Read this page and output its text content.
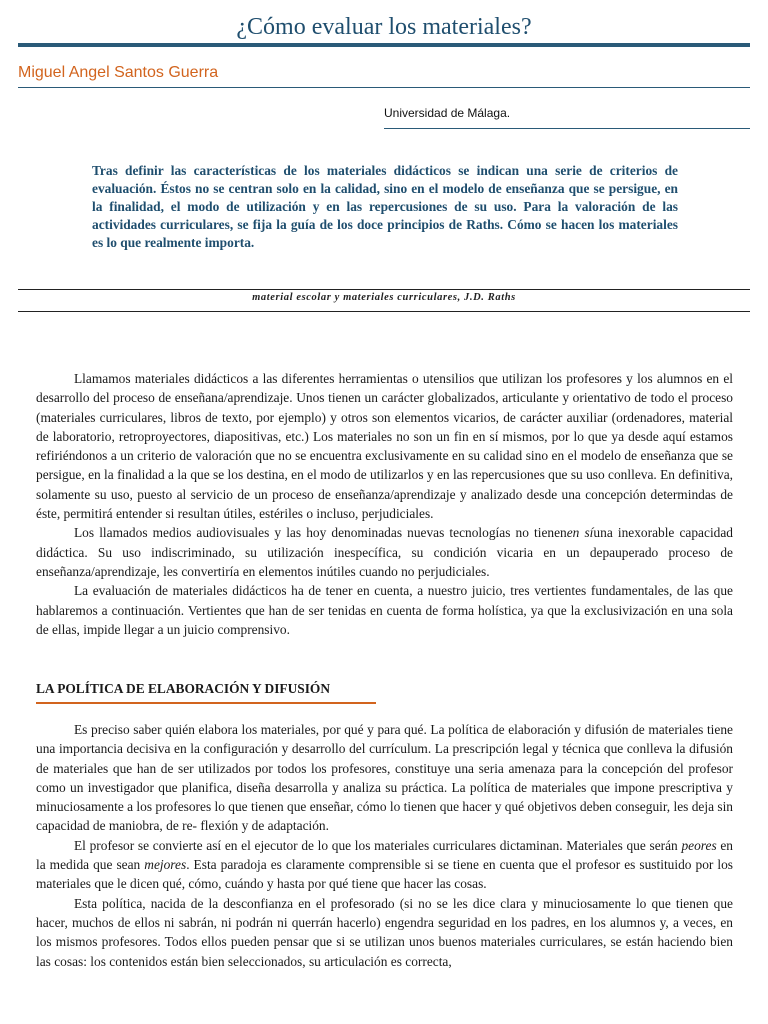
¿Cómo evaluar los materiales?
Miguel Angel Santos Guerra
Universidad de Málaga.

Tras definir las características de los materiales didácticos se indican una serie de criterios de evaluación. Éstos no se centran solo en la calidad, sino en el modelo de enseñanza que se persigue, en la finalidad, el modo de utilización y en las repercusiones de su uso. Para la valoración de las actividades curriculares, se fija la guía de los doce principios de Raths. Cómo se hacen los materiales es lo que realmente importa.

material escolar y materiales curriculares, J.D. Raths

Llamamos materiales didácticos a las diferentes herramientas o utensilios que utilizan los profesores y los alumnos en el desarrollo del proceso de enseñana/aprendizaje. Unos tienen un carácter globalizados, articulante y orientativo de todo el proceso (materiales curriculares, libros de texto, por ejemplo) y otros son elementos vicarios, de carácter auxiliar (ordenadores, material de laboratorio, retroproyectores, diapositivas, etc.) Los materiales no son un fin en sí mismos, por lo que ya desde aquí estamos refiriéndonos a un criterio de valoración que no se encuentra exclusivamente en su calidad sino en el modelo de enseñanza que se persigue, en la finalidad a la que se los destina, en el modo de utilizarlos y en las repercusiones que su uso conlleva. En definitiva, solamente su uso, puesto al servicio de un proceso de enseñanza/aprendizaje y analizado desde una concepción determindas de éste, permitirá entender si resultan útiles, estériles o incluso, perjudiciales.

Los llamados medios audiovisuales y las hoy denominadas nuevas tecnologías no tienenen síuna inexorable capacidad didáctica. Su uso indiscriminado, su utilización inespecífica, su condición vicaria en un depauperado proceso de enseñanza/aprendizaje, les convertiría en elementos inútiles cuando no perjudiciales.

La evaluación de materiales didácticos ha de tener en cuenta, a nuestro juicio, tres vertientes fundamentales, de las que hablaremos a continuación. Vertientes que han de ser tenidas en cuenta de forma holística, ya que la exclusivización en una sola de ellas, impide llegar a un juicio comprensivo.

LA POLÍTICA DE ELABORACIÓN Y DIFUSIÓN

Es preciso saber quién elabora los materiales, por qué y para qué. La política de elaboración y difusión de materiales tiene una importancia decisiva en la configuración y desarrollo del currículum. La prescripción legal y técnica que conlleva la difusión de materiales que han de ser utilizados por todos los profesores, constituye una seria amenaza para la concepción del profesor como un investigador que planifica, diseña desarrolla y analiza su práctica. La política de materiales que impone prescriptiva y minuciosamente a los profesores lo que tienen que enseñar, cómo lo tienen que hacer y qué objetivos deben conseguir, les deja sin capacidad de maniobra, de re- flexión y de adaptación.

El profesor se convierte así en el ejecutor de lo que los materiales curriculares dictaminan. Materiales que serán peores en la medida que sean mejores. Esta paradoja es claramente comprensible si se tiene en cuenta que el profesor es sustituido por los materiales que le dicen qué, cómo, cuándo y hasta por qué tiene que hacer las cosas.

Esta política, nacida de la desconfianza en el profesorado (si no se les dice clara y minuciosamente lo que tienen que hacer, muchos de ellos ni sabrán, ni podrán ni querrán hacerlo) engendra seguridad en los padres, en los alumnos y, a veces, en los mismos profesores. Todos ellos pueden pensar que si se utilizan unos buenos materiales curriculares, se están haciendo bien las cosas: los contenidos están bien seleccionados, su articulación es correcta,
